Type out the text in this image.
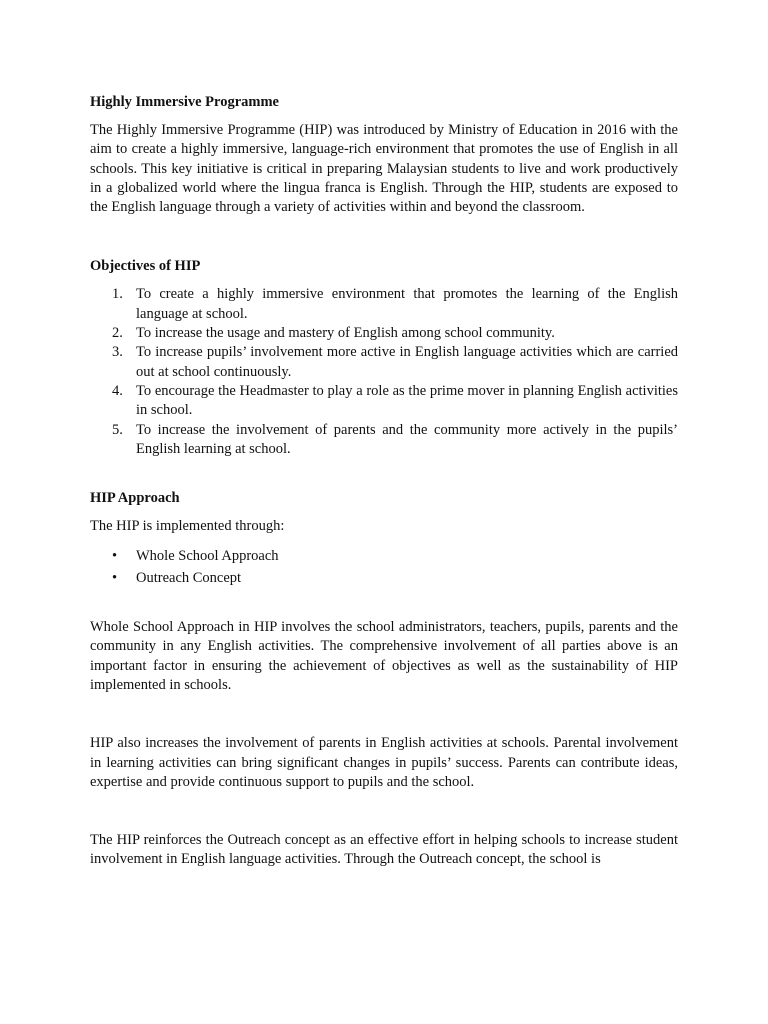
Highly Immersive Programme

The Highly Immersive Programme (HIP) was introduced by Ministry of Education in 2016 with the aim to create a highly immersive, language-rich environment that promotes the use of English in all schools. This key initiative is critical in preparing Malaysian students to live and work productively in a globalized world where the lingua franca is English. Through the HIP, students are exposed to the English language through a variety of activities within and beyond the classroom.

Objectives of HIP
1. To create a highly immersive environment that promotes the learning of the English language at school.
2. To increase the usage and mastery of English among school community.
3. To increase pupils’ involvement more active in English language activities which are carried out at school continuously.
4. To encourage the Headmaster to play a role as the prime mover in planning English activities in school.
5. To increase the involvement of parents and the community more actively in the pupils’ English learning at school.
HIP Approach

The HIP is implemented through:

• Whole School Approach
• Outreach Concept

Whole School Approach in HIP involves the school administrators, teachers, pupils, parents and the community in any English activities. The comprehensive involvement of all parties above is an important factor in ensuring the achievement of objectives as well as the sustainability of HIP implemented in schools.

HIP also increases the involvement of parents in English activities at schools. Parental involvement in learning activities can bring significant changes in pupils’ success. Parents can contribute ideas, expertise and provide continuous support to pupils and the school.

The HIP reinforces the Outreach concept as an effective effort in helping schools to increase student involvement in English language activities. Through the Outreach concept, the school is
